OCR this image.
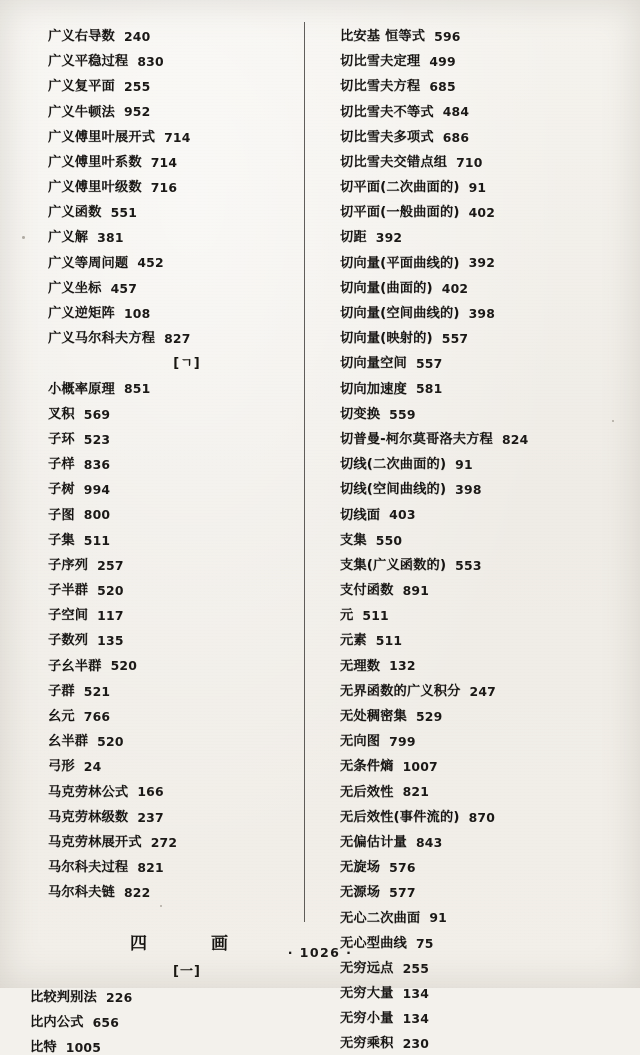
广义右导数 240
广义平稳过程 830
广义复平面 255
广义牛顿法 952
广义傅里叶展开式 714
广义傅里叶系数 714
广义傅里叶级数 716
广义函数 551
广义解 381
广义等周问题 452
广义坐标 457
广义逆矩阵 108
广义马尔科夫方程 827
[ㄱ]
小概率原理 851
叉积 569
子环 523
子样 836
子树 994
子图 800
子集 511
子序列 257
子半群 520
子空间 117
子数列 135
子幺半群 520
子群 521
幺元 766
幺半群 520
弓形 24
马克劳林公式 166
马克劳林级数 237
马克劳林展开式 272
马尔科夫过程 821
马尔科夫链 822
四	画
[一]
比较判别法 226
比内公式 656
比特 1005
比安基 恒等式 596
切比雪夫定理 499
切比雪夫方程 685
切比雪夫不等式 484
切比雪夫多项式 686
切比雪夫交错点组 710
切平面(二次曲面的) 91
切平面(一般曲面的) 402
切距 392
切向量(平面曲线的) 392
切向量(曲面的) 402
切向量(空间曲线的) 398
切向量(映射的) 557
切向量空间 557
切向加速度 581
切变换 559
切普曼-柯尔莫哥洛夫方程 824
切线(二次曲面的) 91
切线(空间曲线的) 398
切线面 403
支集 550
支集(广义函数的) 553
支付函数 891
元 511
元素 511
无理数 132
无界函数的广义积分 247
无处稠密集 529
无向图 799
无条件熵 1007
无后效性 821
无后效性(事件流的) 870
无偏估计量 843
无旋场 576
无源场 577
无心二次曲面 91
无心型曲线 75
无穷远点 255
无穷大量 134
无穷小量 134
无穷乘积 230
· 1026 ·
